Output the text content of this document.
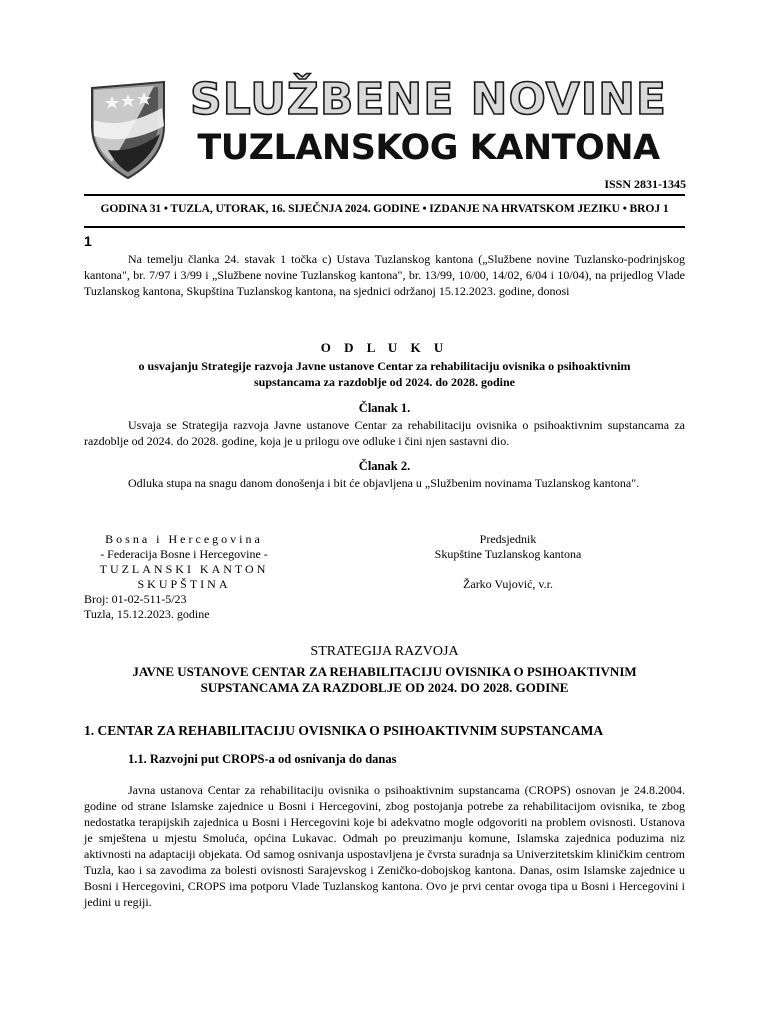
SLUŽBENE NOVINE
TUZLANSKOG KANTONA
ISSN 2831-1345
GODINA 31 • TUZLA, UTORAK, 16. SIJEČNJA 2024. GODINE • IZDANJE NA HRVATSKOM JEZIKU • BROJ 1
1
Na temelju članka 24. stavak 1 točka c) Ustava Tuzlanskog kantona („Službene novine Tuzlansko-podrinjskog kantona", br. 7/97 i 3/99 i „Službene novine Tuzlanskog kantona", br. 13/99, 10/00, 14/02, 6/04 i 10/04), na prijedlog Vlade Tuzlanskog kantona, Skupština Tuzlanskog kantona, na sjednici održanoj 15.12.2023. godine, donosi
O D L U K U
o usvajanju Strategije razvoja Javne ustanove Centar za rehabilitaciju ovisnika o psihoaktivnim
supstancama za razdoblje od 2024. do 2028. godine
Članak 1.
Usvaja se Strategija razvoja Javne ustanove Centar za rehabilitaciju ovisnika o psihoaktivnim supstancama za razdoblje od 2024. do 2028. godine, koja je u prilogu ove odluke i čini njen sastavni dio.
Članak 2.
Odluka stupa na snagu danom donošenja i bit će objavljena u „Službenim novinama Tuzlanskog kantona".
Bosna i Hercegovina
- Federacija Bosne i Hercegovine -
TUZLANSKI KANTON
SKUPŠTINA
Broj: 01-02-511-5/23
Tuzla, 15.12.2023. godine
Predsjednik
Skupštine Tuzlanskog kantona
Žarko Vujović, v.r.
STRATEGIJA RAZVOJA
JAVNE USTANOVE CENTAR ZA REHABILITACIJU OVISNIKA O PSIHOAKTIVNIM
SUPSTANCAMA ZA RAZDOBLJE OD 2024. DO 2028. GODINE
1. CENTAR ZA REHABILITACIJU OVISNIKA O PSIHOAKTIVNIM SUPSTANCAMA
1.1. Razvojni put CROPS-a od osnivanja do danas
Javna ustanova Centar za rehabilitaciju ovisnika o psihoaktivnim supstancama (CROPS) osnovan je 24.8.2004. godine od strane Islamske zajednice u Bosni i Hercegovini, zbog postojanja potrebe za rehabilitacijom ovisnika, te zbog nedostatka terapijskih zajednica u Bosni i Hercegovini koje bi adekvatno mogle odgovoriti na problem ovisnosti. Ustanova je smještena u mjestu Smoluća, općina Lukavac. Odmah po preuzimanju komune, Islamska zajednica poduzima niz aktivnosti na adaptaciji objekata. Od samog osnivanja uspostavljena je čvrsta suradnja sa Univerzitetskim kliničkim centrom Tuzla, kao i sa zavodima za bolesti ovisnosti Sarajevskog i Zeničko-dobojskog kantona. Danas, osim Islamske zajednice u Bosni i Hercegovini, CROPS ima potporu Vlade Tuzlanskog kantona. Ovo je prvi centar ovoga tipa u Bosni i Hercegovini i jedini u regiji.
